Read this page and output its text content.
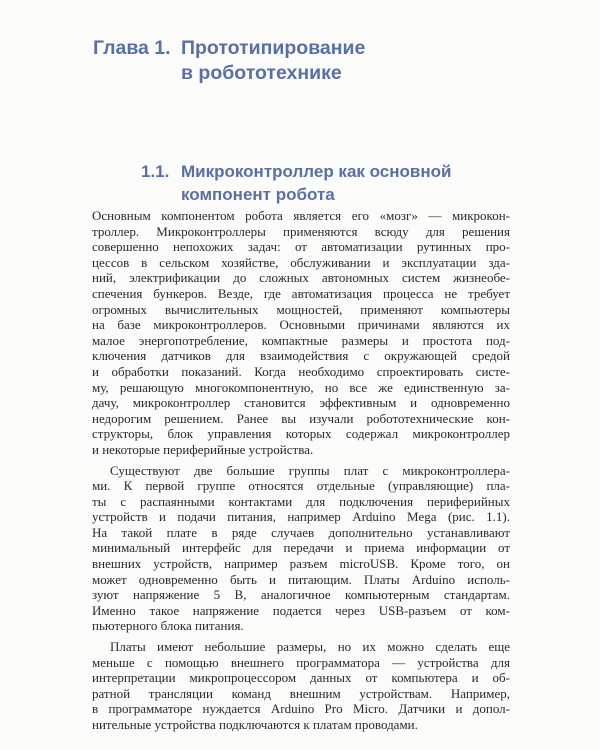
Глава 1. Прототипирование
в робототехнике
1.1. Микроконтроллер как основной
компонент робота
Основным компонентом робота является его «мозг» — микрокон-
троллер. Микроконтроллеры применяются всюду для решения
совершенно непохожих задач: от автоматизации рутинных про-
цессов в сельском хозяйстве, обслуживании и эксплуатации зда-
ний, электрификации до сложных автономных систем жизнеобе-
спечения бункеров. Везде, где автоматизация процесса не требует
огромных вычислительных мощностей, применяют компьютеры
на базе микроконтроллеров. Основными причинами являются их
малое энергопотребление, компактные размеры и простота под-
ключения датчиков для взаимодействия с окружающей средой
и обработки показаний. Когда необходимо спроектировать систе-
му, решающую многокомпонентную, но все же единственную за-
дачу, микроконтроллер становится эффективным и одновременно
недорогим решением. Ранее вы изучали робототехнические кон-
структоры, блок управления которых содержал микроконтроллер
и некоторые периферийные устройства.
Существуют две большие группы плат с микроконтроллера-
ми. К первой группе относятся отдельные (управляющие) пла-
ты с распаянными контактами для подключения периферийных
устройств и подачи питания, например Arduino Mega (рис. 1.1).
На такой плате в ряде случаев дополнительно устанавливают
минимальный интерфейс для передачи и приема информации от
внешних устройств, например разъем microUSB. Кроме того, он
может одновременно быть и питающим. Платы Arduino исполь-
зуют напряжение 5 В, аналогичное компьютерным стандартам.
Именно такое напряжение подается через USB-разъем от ком-
пьютерного блока питания.
Платы имеют небольшие размеры, но их можно сделать еще
меньше с помощью внешнего программатора — устройства для
интерпретации микропроцессором данных от компьютера и об-
ратной трансляции команд внешним устройствам. Например,
в программаторе нуждается Arduino Pro Micro. Датчики и допол-
нительные устройства подключаются к платам проводами.
